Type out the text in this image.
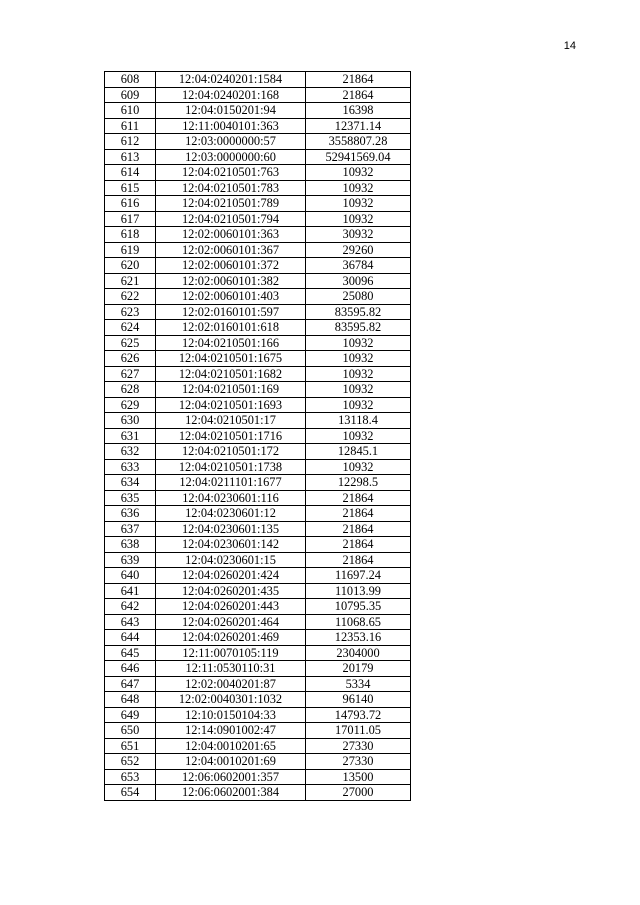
14
608	12:04:0240201:1584	21864
609	12:04:0240201:168	21864
610	12:04:0150201:94	16398
611	12:11:0040101:363	12371.14
612	12:03:0000000:57	3558807.28
613	12:03:0000000:60	52941569.04
614	12:04:0210501:763	10932
615	12:04:0210501:783	10932
616	12:04:0210501:789	10932
617	12:04:0210501:794	10932
618	12:02:0060101:363	30932
619	12:02:0060101:367	29260
620	12:02:0060101:372	36784
621	12:02:0060101:382	30096
622	12:02:0060101:403	25080
623	12:02:0160101:597	83595.82
624	12:02:0160101:618	83595.82
625	12:04:0210501:166	10932
626	12:04:0210501:1675	10932
627	12:04:0210501:1682	10932
628	12:04:0210501:169	10932
629	12:04:0210501:1693	10932
630	12:04:0210501:17	13118.4
631	12:04:0210501:1716	10932
632	12:04:0210501:172	12845.1
633	12:04:0210501:1738	10932
634	12:04:0211101:1677	12298.5
635	12:04:0230601:116	21864
636	12:04:0230601:12	21864
637	12:04:0230601:135	21864
638	12:04:0230601:142	21864
639	12:04:0230601:15	21864
640	12:04:0260201:424	11697.24
641	12:04:0260201:435	11013.99
642	12:04:0260201:443	10795.35
643	12:04:0260201:464	11068.65
644	12:04:0260201:469	12353.16
645	12:11:0070105:119	2304000
646	12:11:0530110:31	20179
647	12:02:0040201:87	5334
648	12:02:0040301:1032	96140
649	12:10:0150104:33	14793.72
650	12:14:0901002:47	17011.05
651	12:04:0010201:65	27330
652	12:04:0010201:69	27330
653	12:06:0602001:357	13500
654	12:06:0602001:384	27000
